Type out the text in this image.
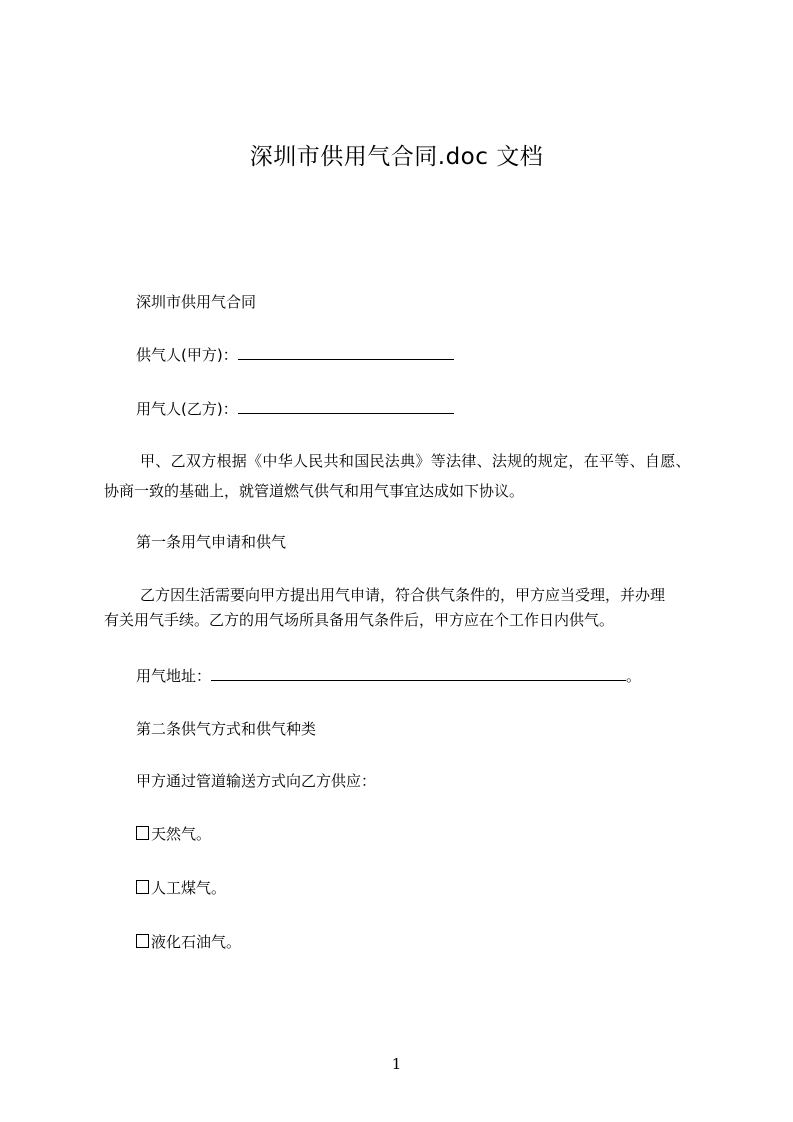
深圳市供用气合同.doc 文档
深圳市供用气合同
供气人(甲方)：
用气人(乙方)：
甲、乙双方根据《中华人民共和国民法典》等法律、法规的规定，在平等、自愿、
协商一致的基础上，就管道燃气供气和用气事宜达成如下协议。
第一条用气申请和供气
乙方因生活需要向甲方提出用气申请，符合供气条件的，甲方应当受理，并办理
有关用气手续。乙方的用气场所具备用气条件后，甲方应在个工作日内供气。
用气地址：	。
第二条供气方式和供气种类
甲方通过管道输送方式向乙方供应：
天然气。
人工煤气。
液化石油气。
1
